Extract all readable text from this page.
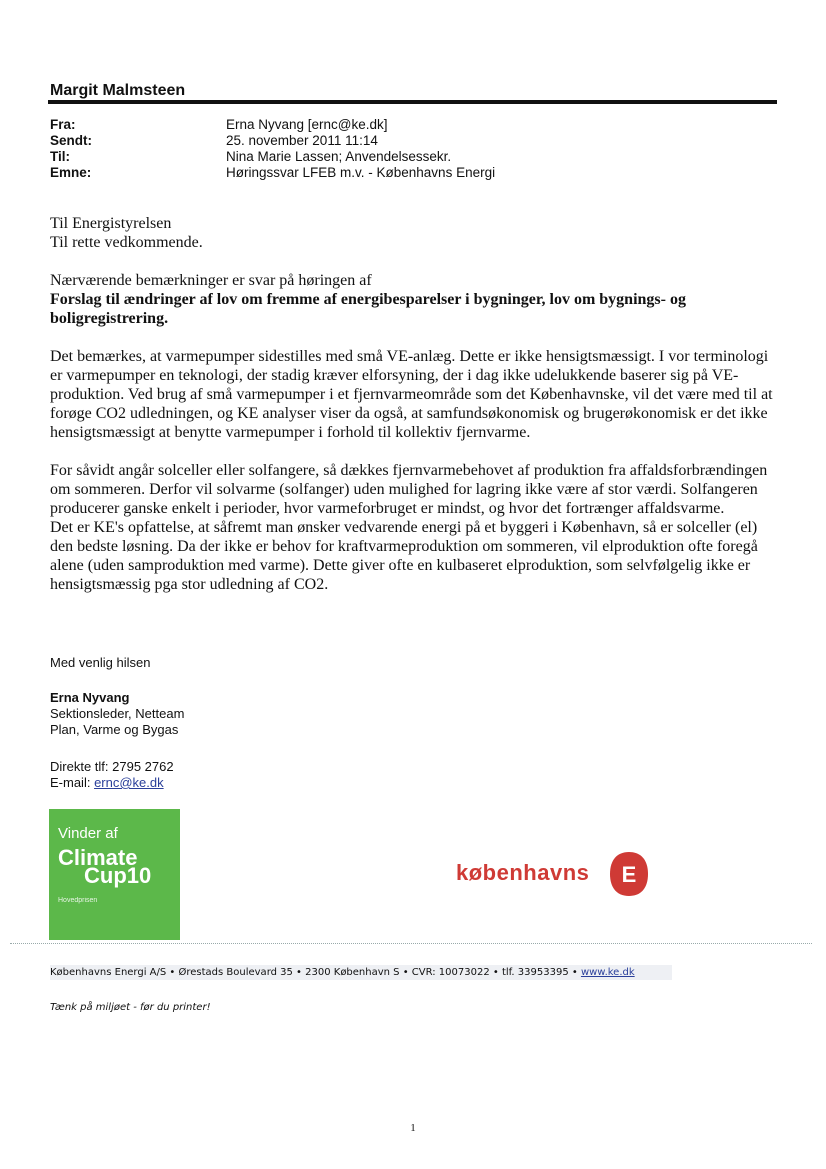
Margit Malmsteen
Fra:	Erna Nyvang [ernc@ke.dk]
Sendt:	25. november 2011 11:14
Til:	Nina Marie Lassen; Anvendelsessekr.
Emne:	Høringssvar LFEB m.v. - Københavns Energi

Til Energistyrelsen

Til rette vedkommende.

Nærværende bemærkninger er svar på høringen af

Forslag til ændringer af lov om fremme af energibesparelser i bygninger, lov om bygnings- og boligregistrering.

Det bemærkes, at varmepumper sidestilles med små VE-anlæg. Dette er ikke hensigtsmæssigt. I vor terminologi er varmepumper en teknologi, der stadig kræver elforsyning, der i dag ikke udelukkende baserer sig på VE-produktion. Ved brug af små varmepumper i et fjernvarmeområde som det Københavnske, vil det være med til at forøge CO2 udledningen, og KE analyser viser da også, at samfundsøkonomisk og brugerøkonomisk er det ikke hensigtsmæssigt at benytte varmepumper i forhold til kollektiv fjernvarme.

For såvidt angår solceller eller solfangere, så dækkes fjernvarmebehovet af produktion fra affaldsforbrændingen om sommeren. Derfor vil solvarme (solfanger) uden mulighed for lagring ikke være af stor værdi. Solfangeren producerer ganske enkelt i perioder, hvor varmeforbruget er mindst, og hvor det fortrænger affaldsvarme.

Det er KE's opfattelse, at såfremt man ønsker vedvarende energi på et byggeri i København, så er solceller (el) den bedste løsning. Da der ikke er behov for kraftvarmeproduktion om sommeren, vil elproduktion ofte foregå alene (uden samproduktion med varme). Dette giver ofte en kulbaseret elproduktion, som selvfølgelig ikke er hensigtsmæssig pga stor udledning af CO2.

Med venlig hilsen
Erna Nyvang
Sektionsleder, Netteam
Plan, Varme og Bygas
Direkte tlf: 2795 2762
E-mail: ernc@ke.dk
Vinder af
Climate
Cup10
Hovedprisen
københavns E
Københavns Energi A/S • Ørestads Boulevard 35 • 2300 København S • CVR: 10073022 • tlf. 33953395 • www.ke.dk
Tænk på miljøet - før du printer!
1
